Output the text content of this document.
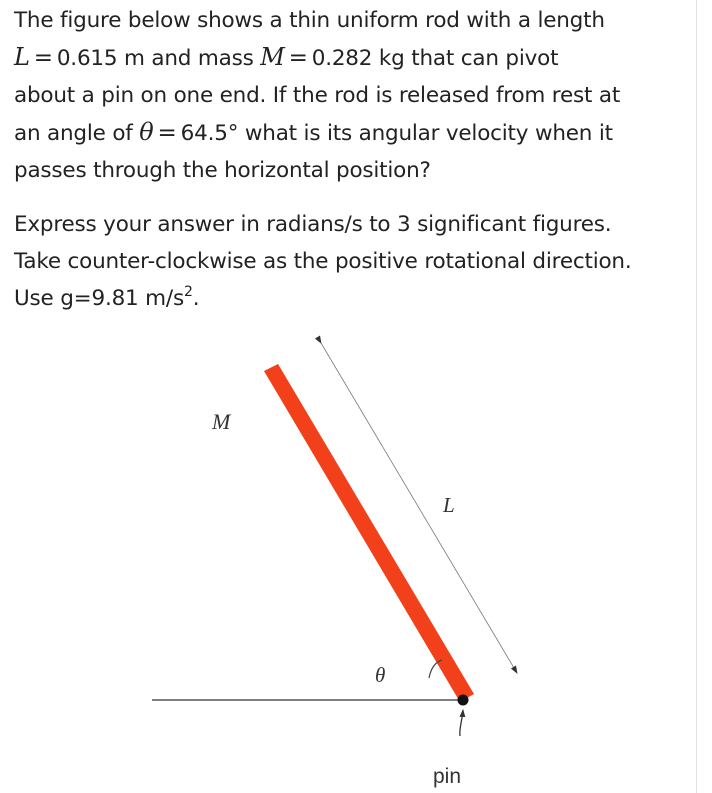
The figure below shows a thin uniform rod with a length
L = 0.615 m and mass M = 0.282 kg that can pivot
about a pin on one end. If the rod is released from rest at
an angle of θ = 64.5° what is its angular velocity when it
passes through the horizontal position?

Express your answer in radians/s to 3 significant figures.
Take counter-clockwise as the positive rotational direction.
Use g=9.81 $m/s^2$.

M
L
θ
pin
